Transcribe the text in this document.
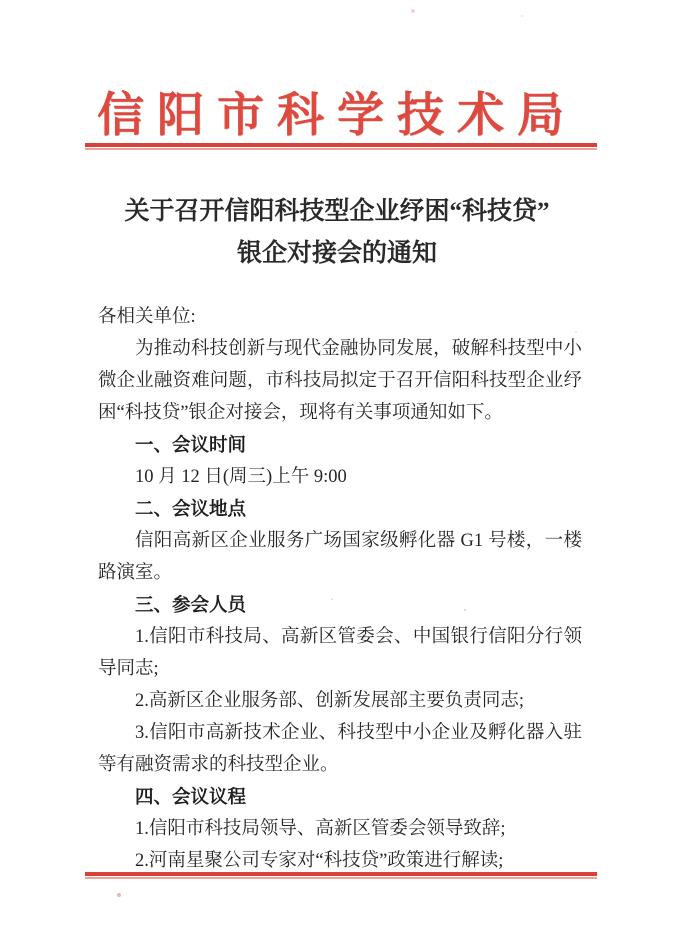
信阳市科学技术局
关于召开信阳科技型企业纾困“科技贷”
银企对接会的通知

各相关单位:

为推动科技创新与现代金融协同发展，破解科技型中小微企业融资难问题，市科技局拟定于召开信阳科技型企业纾困“科技贷”银企对接会，现将有关事项通知如下。

一、会议时间

10 月 12 日(周三)上午 9:00

二、会议地点

信阳高新区企业服务广场国家级孵化器 G1 号楼，一楼路演室。

三、参会人员

1.信阳市科技局、高新区管委会、中国银行信阳分行领导同志;

2.高新区企业服务部、创新发展部主要负责同志;

3.信阳市高新技术企业、科技型中小企业及孵化器入驻等有融资需求的科技型企业。

四、会议议程

1.信阳市科技局领导、高新区管委会领导致辞;

2.河南星聚公司专家对“科技贷”政策进行解读;
